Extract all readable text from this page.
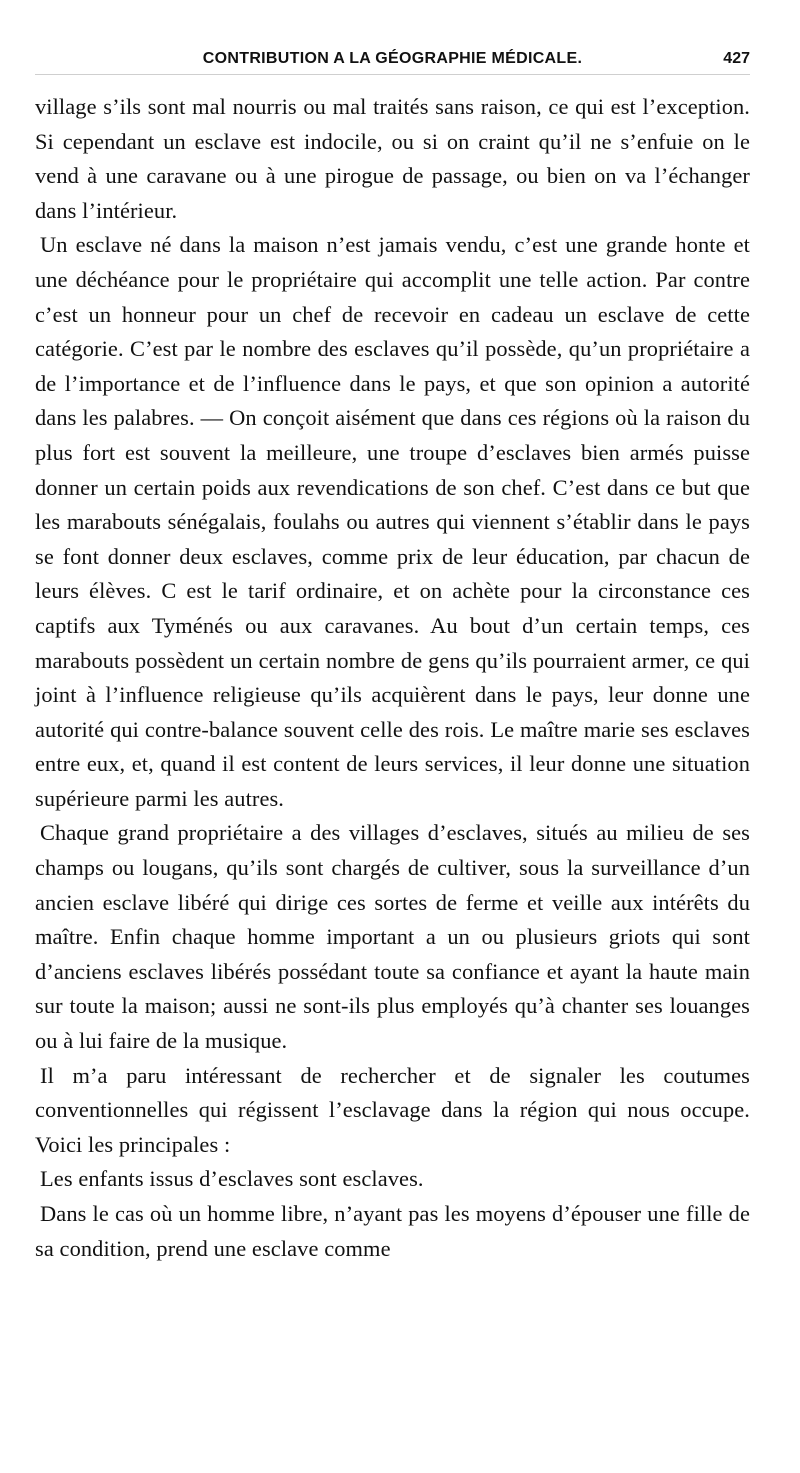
CONTRIBUTION A LA GÉOGRAPHIE MÉDICALE.	427

village s’ils sont mal nourris ou mal traités sans raison, ce qui est l’exception. Si cependant un esclave est indocile, ou si on craint qu’il ne s’enfuie on le vend à une caravane ou à une pirogue de passage, ou bien on va l’échanger dans l’intérieur.

Un esclave né dans la maison n’est jamais vendu, c’est une grande honte et une déchéance pour le propriétaire qui accomplit une telle action. Par contre c’est un honneur pour un chef de recevoir en cadeau un esclave de cette catégorie. C’est par le nombre des esclaves qu’il possède, qu’un propriétaire a de l’importance et de l’influence dans le pays, et que son opinion a autorité dans les palabres. — On conçoit aisément que dans ces régions où la raison du plus fort est souvent la meilleure, une troupe d’esclaves bien armés puisse donner un certain poids aux revendications de son chef. C’est dans ce but que les marabouts sénégalais, foulahs ou autres qui viennent s’établir dans le pays se font donner deux esclaves, comme prix de leur éducation, par chacun de leurs élèves. C est le tarif ordinaire, et on achète pour la circonstance ces captifs aux Tyménés ou aux caravanes. Au bout d’un certain temps, ces marabouts possèdent un certain nombre de gens qu’ils pourraient armer, ce qui joint à l’influence religieuse qu’ils acquièrent dans le pays, leur donne une autorité qui contre-balance souvent celle des rois. Le maître marie ses esclaves entre eux, et, quand il est content de leurs services, il leur donne une situation supérieure parmi les autres.

Chaque grand propriétaire a des villages d’esclaves, situés au milieu de ses champs ou lougans, qu’ils sont chargés de cultiver, sous la surveillance d’un ancien esclave libéré qui dirige ces sortes de ferme et veille aux intérêts du maître. Enfin chaque homme important a un ou plusieurs griots qui sont d’anciens esclaves libérés possédant toute sa confiance et ayant la haute main sur toute la maison; aussi ne sont-ils plus employés qu’à chanter ses louanges ou à lui faire de la musique.

Il m’a paru intéressant de rechercher et de signaler les coutumes conventionnelles qui régissent l’esclavage dans la région qui nous occupe. Voici les principales :

Les enfants issus d’esclaves sont esclaves.

Dans le cas où un homme libre, n’ayant pas les moyens d’épouser une fille de sa condition, prend une esclave comme
